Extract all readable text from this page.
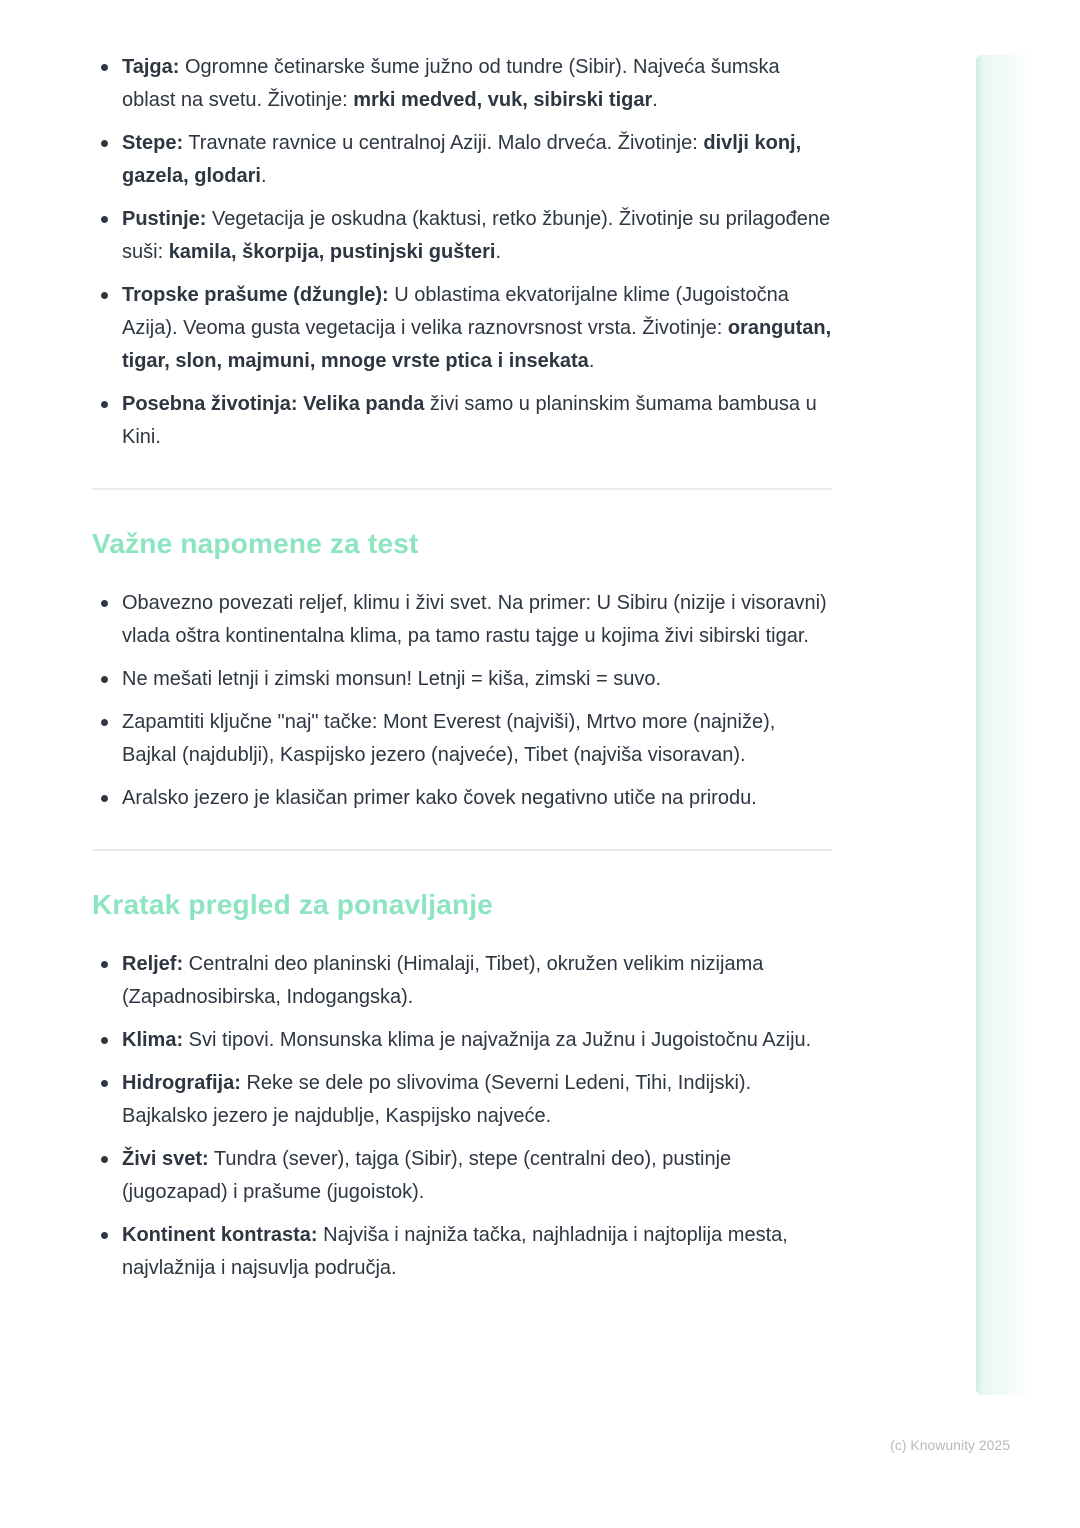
Tajga: Ogromne četinarske šume južno od tundre (Sibir). Najveća šumska oblast na svetu. Životinje: mrki medved, vuk, sibirski tigar.
Stepe: Travnate ravnice u centralnoj Aziji. Malo drveća. Životinje: divlji konj, gazela, glodari.
Pustinje: Vegetacija je oskudna (kaktusi, retko žbunje). Životinje su prilagođene suši: kamila, škorpija, pustinjski gušteri.
Tropske prašume (džungle): U oblastima ekvatorijalne klime (Jugoistočna Azija). Veoma gusta vegetacija i velika raznovrsnost vrsta. Životinje: orangutan, tigar, slon, majmuni, mnoge vrste ptica i insekata.
Posebna životinja: Velika panda živi samo u planinskim šumama bambusa u Kini.
Važne napomene za test
Obavezno povezati reljef, klimu i živi svet. Na primer: U Sibiru (nizije i visoravni) vlada oštra kontinentalna klima, pa tamo rastu tajge u kojima živi sibirski tigar.
Ne mešati letnji i zimski monsun! Letnji = kiša, zimski = suvo.
Zapamtiti ključne "naj" tačke: Mont Everest (najviši), Mrtvo more (najniže), Bajkal (najdublji), Kaspijsko jezero (najveće), Tibet (najviša visoravan).
Aralsko jezero je klasičan primer kako čovek negativno utiče na prirodu.
Kratak pregled za ponavljanje
Reljef: Centralni deo planinski (Himalaji, Tibet), okružen velikim nizijama (Zapadnosibirska, Indogangska).
Klima: Svi tipovi. Monsunska klima je najvažnija za Južnu i Jugoistočnu Aziju.
Hidrografija: Reke se dele po slivovima (Severni Ledeni, Tihi, Indijski). Bajkalsko jezero je najdublje, Kaspijsko najveće.
Živi svet: Tundra (sever), tajga (Sibir), stepe (centralni deo), pustinje (jugozapad) i prašume (jugoistok).
Kontinent kontrasta: Najviša i najniža tačka, najhladnija i najtoplija mesta, najvlažnija i najsuvlja područja.
(c) Knowunity 2025
